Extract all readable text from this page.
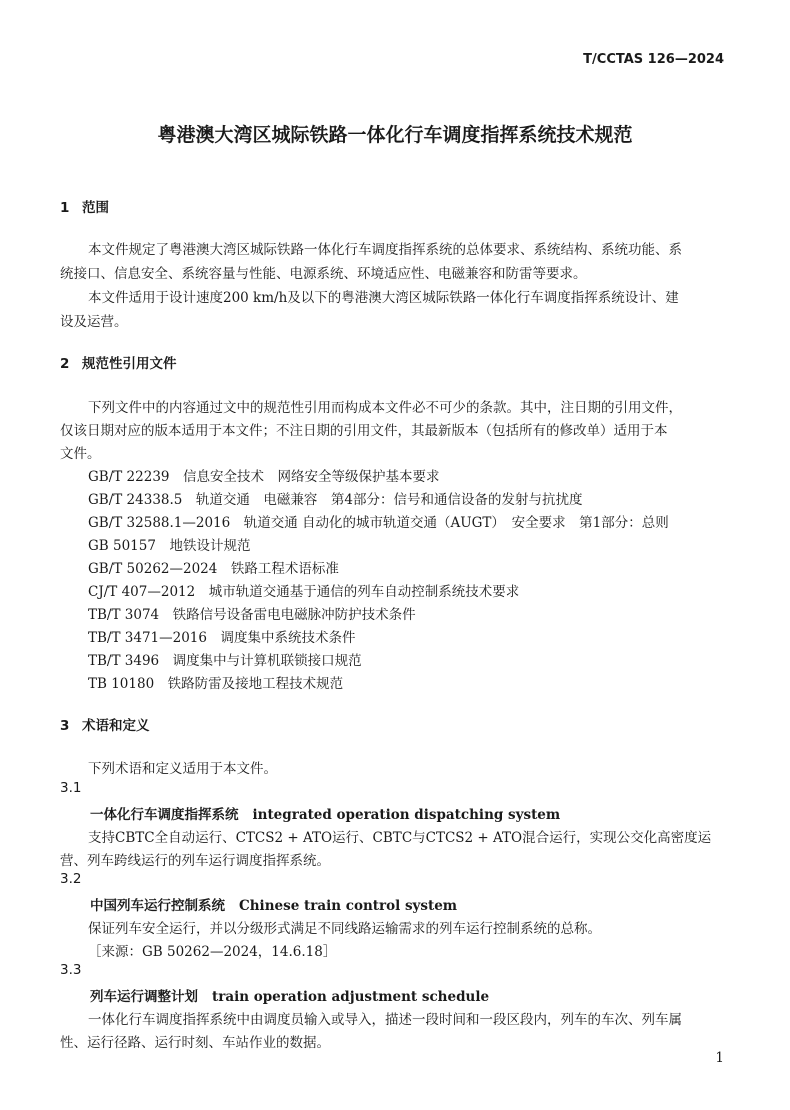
T/CCTAS 126—2024
粤港澳大湾区城际铁路一体化行车调度指挥系统技术规范
1 范围
本文件规定了粤港澳大湾区城际铁路一体化行车调度指挥系统的总体要求、系统结构、系统功能、系
统接口、信息安全、系统容量与性能、电源系统、环境适应性、电磁兼容和防雷等要求。
本文件适用于设计速度200 km/h及以下的粤港澳大湾区城际铁路一体化行车调度指挥系统设计、建
设及运营。
2 规范性引用文件
下列文件中的内容通过文中的规范性引用而构成本文件必不可少的条款。其中，注日期的引用文件，
仅该日期对应的版本适用于本文件；不注日期的引用文件，其最新版本（包括所有的修改单）适用于本
文件。
GB/T 22239　信息安全技术　网络安全等级保护基本要求
GB/T 24338.5　轨道交通　电磁兼容　第4部分：信号和通信设备的发射与抗扰度
GB/T 32588.1—2016　轨道交通 自动化的城市轨道交通（AUGT）　安全要求　第1部分：总则
GB 50157　地铁设计规范
GB/T 50262—2024　铁路工程术语标准
CJ/T 407—2012　城市轨道交通基于通信的列车自动控制系统技术要求
TB/T 3074　铁路信号设备雷电电磁脉冲防护技术条件
TB/T 3471—2016　调度集中系统技术条件
TB/T 3496　调度集中与计算机联锁接口规范
TB 10180　铁路防雷及接地工程技术规范
3 术语和定义
下列术语和定义适用于本文件。
3.1
一体化行车调度指挥系统 integrated operation dispatching system
支持CBTC全自动运行、CTCS2 + ATO运行、CBTC与CTCS2 + ATO混合运行，实现公交化高密度运
营、列车跨线运行的列车运行调度指挥系统。
3.2
中国列车运行控制系统 Chinese train control system
保证列车安全运行，并以分级形式满足不同线路运输需求的列车运行控制系统的总称。
［来源：GB 50262—2024，14.6.18］
3.3
列车运行调整计划 train operation adjustment schedule
一体化行车调度指挥系统中由调度员输入或导入，描述一段时间和一段区段内，列车的车次、列车属
性、运行径路、运行时刻、车站作业的数据。
1
